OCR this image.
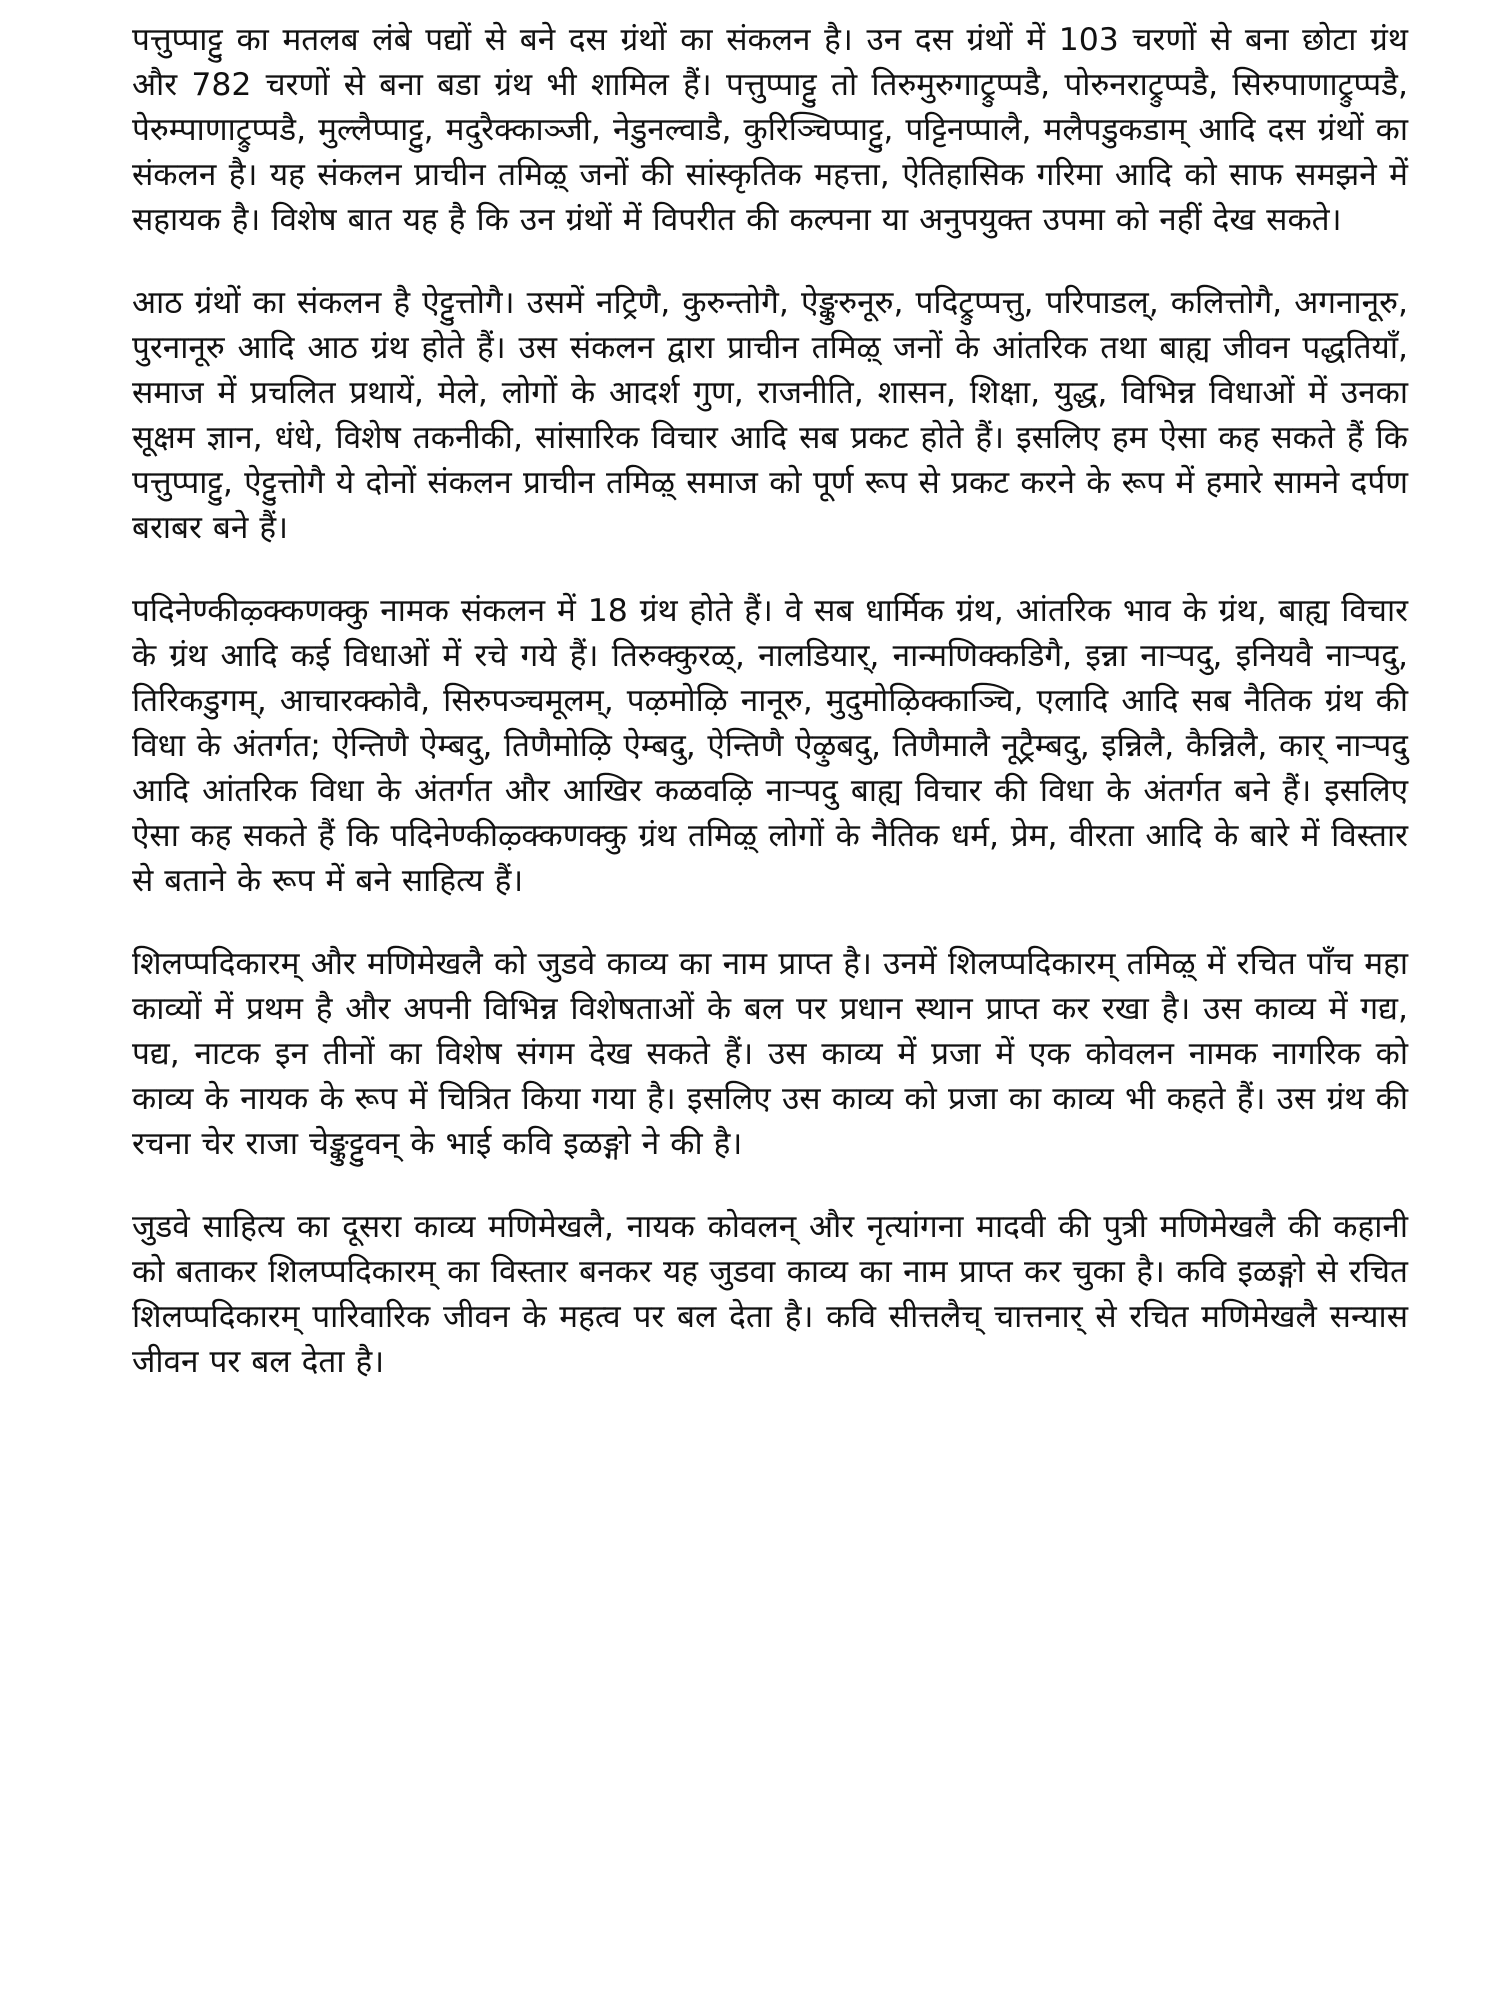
पत्तुप्पाट्टु का मतलब लंबे पद्यों से बने दस ग्रंथों का संकलन है। उन दस ग्रंथों में 103 चरणों से बना छोटा ग्रंथ और 782 चरणों से बना बडा ग्रंथ भी शामिल हैं। पत्तुप्पाट्टु तो तिरुमुरुगाट्रुप्पडै, पोरुनराट्रुप्पडै, सिरुपाणाट्रुप्पडै, पेरुम्पाणाट्रुप्पडै, मुल्लैप्पाट्टु, मदुरैक्काञ्जी, नेडुनल्वाडै, कुरिञ्चिप्पाट्टु, पट्टिनप्पालै, मलैपडुकडाम् आदि दस ग्रंथों का संकलन है। यह संकलन प्राचीन तमिऴ् जनों की सांस्कृतिक महत्ता, ऐतिहासिक गरिमा आदि को साफ समझने में सहायक है। विशेष बात यह है कि उन ग्रंथों में विपरीत की कल्पना या अनुपयुक्त उपमा को नहीं देख सकते।

आठ ग्रंथों का संकलन है ऐट्टुत्तोगै। उसमें नट्रिणै, कुरुन्तोगै, ऐङ्कुरुनूरु, पदिट्रुप्पत्तु, परिपाडल्, कलित्तोगै, अगनानूरु, पुरनानूरु आदि आठ ग्रंथ होते हैं। उस संकलन द्वारा प्राचीन तमिऴ् जनों के आंतरिक तथा बाह्य जीवन पद्धतियाँ, समाज में प्रचलित प्रथायें, मेले, लोगों के आदर्श गुण, राजनीति, शासन, शिक्षा, युद्ध, विभिन्न विधाओं में उनका सूक्षम ज्ञान, धंधे, विशेष तकनीकी, सांसारिक विचार आदि सब प्रकट होते हैं। इसलिए हम ऐसा कह सकते हैं कि पत्तुप्पाट्टु, ऐट्टुत्तोगै ये दोनों संकलन प्राचीन तमिऴ् समाज को पूर्ण रूप से प्रकट करने के रूप में हमारे सामने दर्पण बराबर बने हैं।

पदिनेण्कीऴ्क्कणक्कु नामक संकलन में 18 ग्रंथ होते हैं। वे सब धार्मिक ग्रंथ, आंतरिक भाव के ग्रंथ, बाह्य विचार के ग्रंथ आदि कई विधाओं में रचे गये हैं। तिरुक्कुरळ्, नालडियार्, नान्मणिक्कडिगै, इन्ना नाऱ्पदु, इनियवै नाऱ्पदु, तिरिकडुगम्, आचारक्कोवै, सिरुपञ्चमूलम्, पऴमोऴि नानूरु, मुदुमोऴिक्काञ्चि, एलादि आदि सब नैतिक ग्रंथ की विधा के अंतर्गत; ऐन्तिणै ऐम्बदु, तिणैमोऴि ऐम्बदु, ऐन्तिणै ऐऴुबदु, तिणैमालै नूट्रैम्बदु, इन्निलै, कैन्निलै, कार् नाऱ्पदु आदि आंतरिक विधा के अंतर्गत और आखिर कळवऴि नाऱ्पदु बाह्य विचार की विधा के अंतर्गत बने हैं। इसलिए ऐसा कह सकते हैं कि पदिनेण्कीऴ्क्कणक्कु ग्रंथ तमिऴ् लोगों के नैतिक धर्म, प्रेम, वीरता आदि के बारे में विस्तार से बताने के रूप में बने साहित्य हैं।

शिलप्पदिकारम् और मणिमेखलै को जुडवे काव्य का नाम प्राप्त है। उनमें शिलप्पदिकारम् तमिऴ् में रचित पाँच महा काव्यों में प्रथम है और अपनी विभिन्न विशेषताओं के बल पर प्रधान स्थान प्राप्त कर रखा है। उस काव्य में गद्य, पद्य, नाटक इन तीनों का विशेष संगम देख सकते हैं। उस काव्य में प्रजा में एक कोवलन नामक नागरिक को काव्य के नायक के रूप में चित्रित किया गया है। इसलिए उस काव्य को प्रजा का काव्य भी कहते हैं। उस ग्रंथ की रचना चेर राजा चेङ्कुट्टुवन् के भाई कवि इळङ्गो ने की है।

जुडवे साहित्य का दूसरा काव्य मणिमेखलै, नायक कोवलन् और नृत्यांगना मादवी की पुत्री मणिमेखलै की कहानी को बताकर शिलप्पदिकारम् का विस्तार बनकर यह जुडवा काव्य का नाम प्राप्त कर चुका है। कवि इळङ्गो से रचित शिलप्पदिकारम् पारिवारिक जीवन के महत्व पर बल देता है। कवि सीत्तलैच् चात्तनार् से रचित मणिमेखलै सन्यास जीवन पर बल देता है।
